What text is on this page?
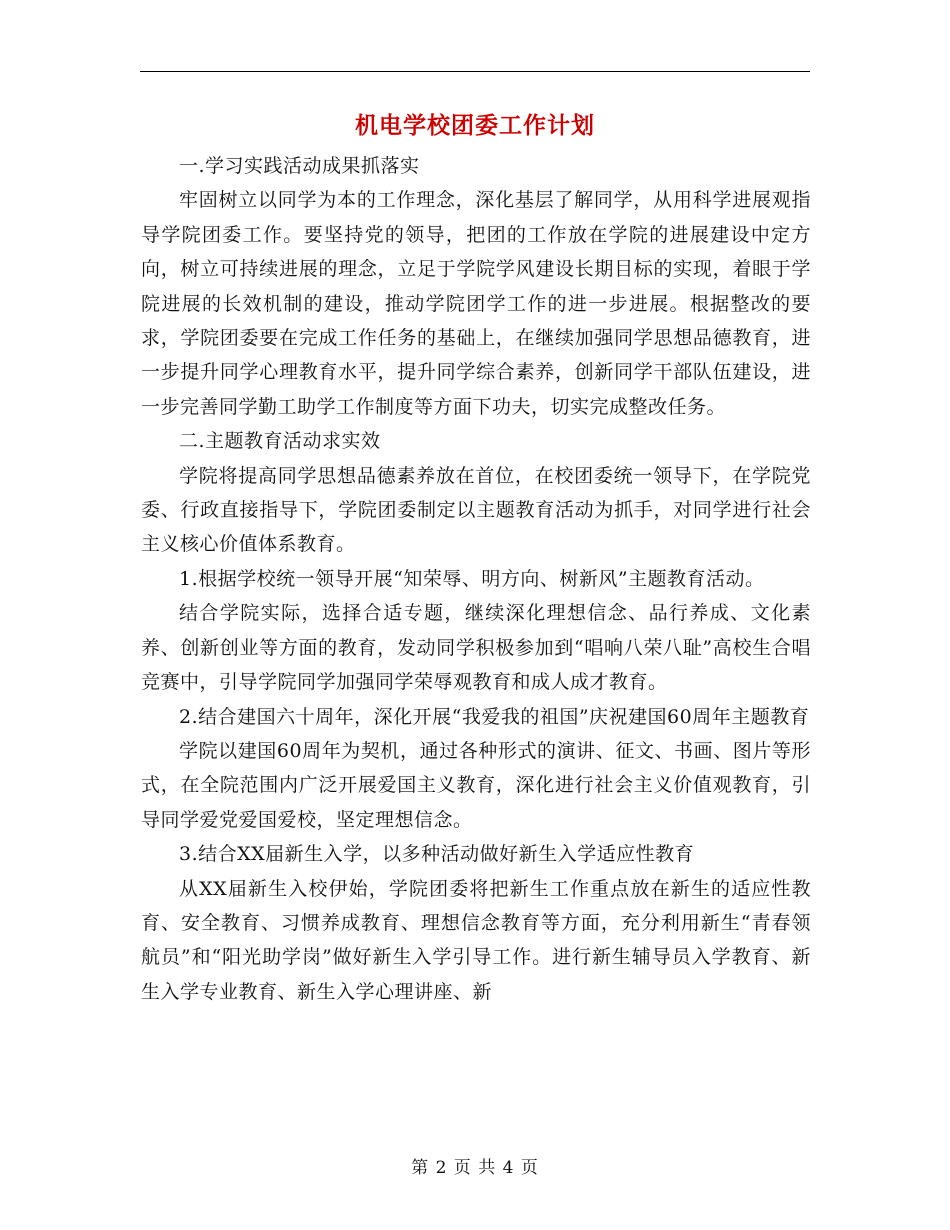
机电学校团委工作计划

一.学习实践活动成果抓落实

牢固树立以同学为本的工作理念，深化基层了解同学，从用科学进展观指导学院团委工作。要坚持党的领导，把团的工作放在学院的进展建设中定方向，树立可持续进展的理念，立足于学院学风建设长期目标的实现，着眼于学院进展的长效机制的建设，推动学院团学工作的进一步进展。根据整改的要求，学院团委要在完成工作任务的基础上，在继续加强同学思想品德教育，进一步提升同学心理教育水平，提升同学综合素养，创新同学干部队伍建设，进一步完善同学勤工助学工作制度等方面下功夫，切实完成整改任务。

二.主题教育活动求实效

学院将提高同学思想品德素养放在首位，在校团委统一领导下，在学院党委、行政直接指导下，学院团委制定以主题教育活动为抓手，对同学进行社会主义核心价值体系教育。

1.根据学校统一领导开展“知荣辱、明方向、树新风”主题教育活动。

结合学院实际，选择合适专题，继续深化理想信念、品行养成、文化素养、创新创业等方面的教育，发动同学积极参加到“唱响八荣八耻”高校生合唱竞赛中，引导学院同学加强同学荣辱观教育和成人成才教育。

2.结合建国六十周年，深化开展“我爱我的祖国”庆祝建国60周年主题教育

学院以建国60周年为契机，通过各种形式的演讲、征文、书画、图片等形式，在全院范围内广泛开展爱国主义教育，深化进行社会主义价值观教育，引导同学爱党爱国爱校，坚定理想信念。

3.结合XX届新生入学，以多种活动做好新生入学适应性教育

从XX届新生入校伊始，学院团委将把新生工作重点放在新生的适应性教育、安全教育、习惯养成教育、理想信念教育等方面，充分利用新生“青春领航员”和“阳光助学岗”做好新生入学引导工作。进行新生辅导员入学教育、新生入学专业教育、新生入学心理讲座、新

第 2 页 共 4 页
